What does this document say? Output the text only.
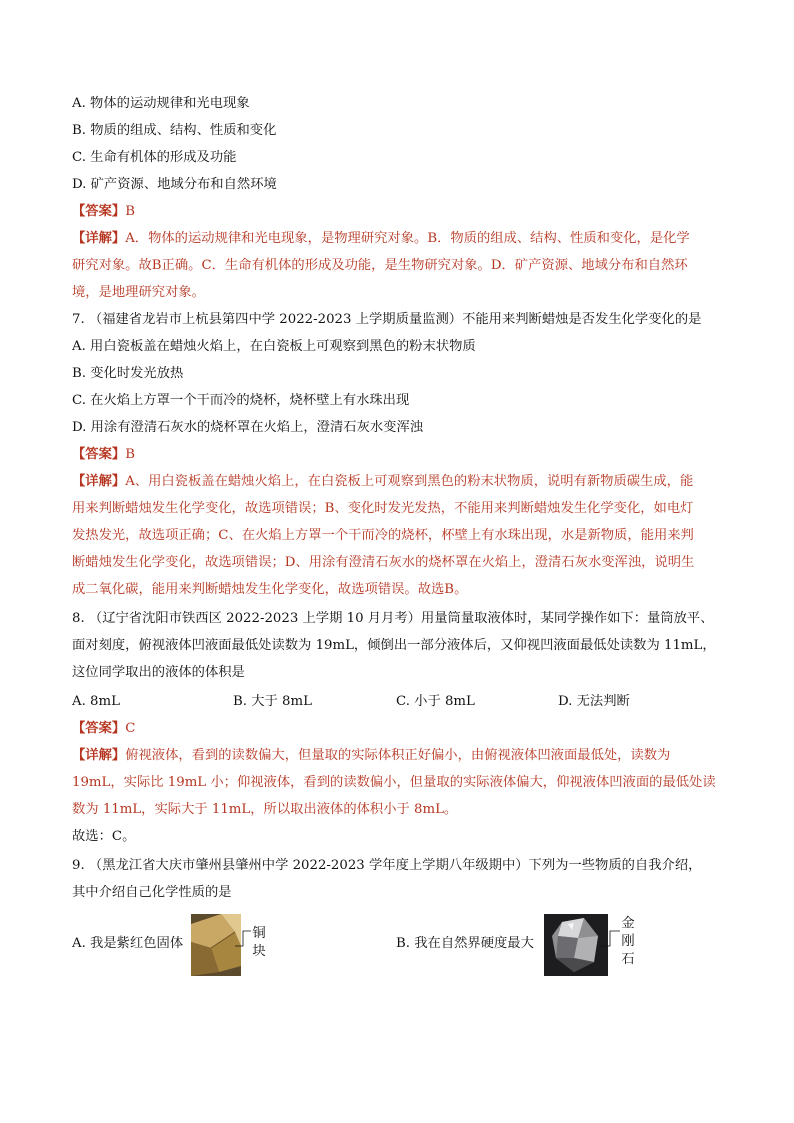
A. 物体的运动规律和光电现象
B. 物质的组成、结构、性质和变化
C. 生命有机体的形成及功能
D. 矿产资源、地域分布和自然环境
【答案】B
【详解】A．物体的运动规律和光电现象，是物理研究对象。B．物质的组成、结构、性质和变化，是化学
研究对象。故B正确。C．生命有机体的形成及功能，是生物研究对象。D．矿产资源、地域分布和自然环
境，是地理研究对象。
7. （福建省龙岩市上杭县第四中学 2022-2023 上学期质量监测）不能用来判断蜡烛是否发生化学变化的是
A. 用白瓷板盖在蜡烛火焰上，在白瓷板上可观察到黑色的粉末状物质
B. 变化时发光放热
C. 在火焰上方罩一个干而冷的烧杯，烧杯壁上有水珠出现
D. 用涂有澄清石灰水的烧杯罩在火焰上，澄清石灰水变浑浊
【答案】B
【详解】A、用白瓷板盖在蜡烛火焰上，在白瓷板上可观察到黑色的粉末状物质，说明有新物质碳生成，能
用来判断蜡烛发生化学变化，故选项错误；B、变化时发光发热，不能用来判断蜡烛发生化学变化，如电灯
发热发光，故选项正确；C、在火焰上方罩一个干而冷的烧杯，杯壁上有水珠出现，水是新物质，能用来判
断蜡烛发生化学变化，故选项错误；D、用涂有澄清石灰水的烧杯罩在火焰上，澄清石灰水变浑浊，说明生
成二氧化碳，能用来判断蜡烛发生化学变化，故选项错误。故选B。
8. （辽宁省沈阳市铁西区 2022-2023 上学期 10 月月考）用量筒量取液体时，某同学操作如下：量筒放平、
面对刻度，俯视液体凹液面最低处读数为 19mL，倾倒出一部分液体后，又仰视凹液面最低处读数为 11mL，
这位同学取出的液体的体积是
A. 8mL	B. 大于 8mL	C. 小于 8mL	D. 无法判断
【答案】C
【详解】俯视液体，看到的读数偏大，但量取的实际体积正好偏小，由俯视液体凹液面最低处，读数为
19mL，实际比 19mL 小；仰视液体，看到的读数偏小，但量取的实际液体偏大，仰视液体凹液面的最低处读
数为 11mL，实际大于 11mL，所以取出液体的体积小于 8mL。
故选：C。
9. （黑龙江省大庆市肇州县肇州中学 2022-2023 学年度上学期八年级期中）下列为一些物质的自我介绍，
其中介绍自己化学性质的是
A. 我是紫红色固体
铜块
B. 我在自然界硬度最大
金刚石
